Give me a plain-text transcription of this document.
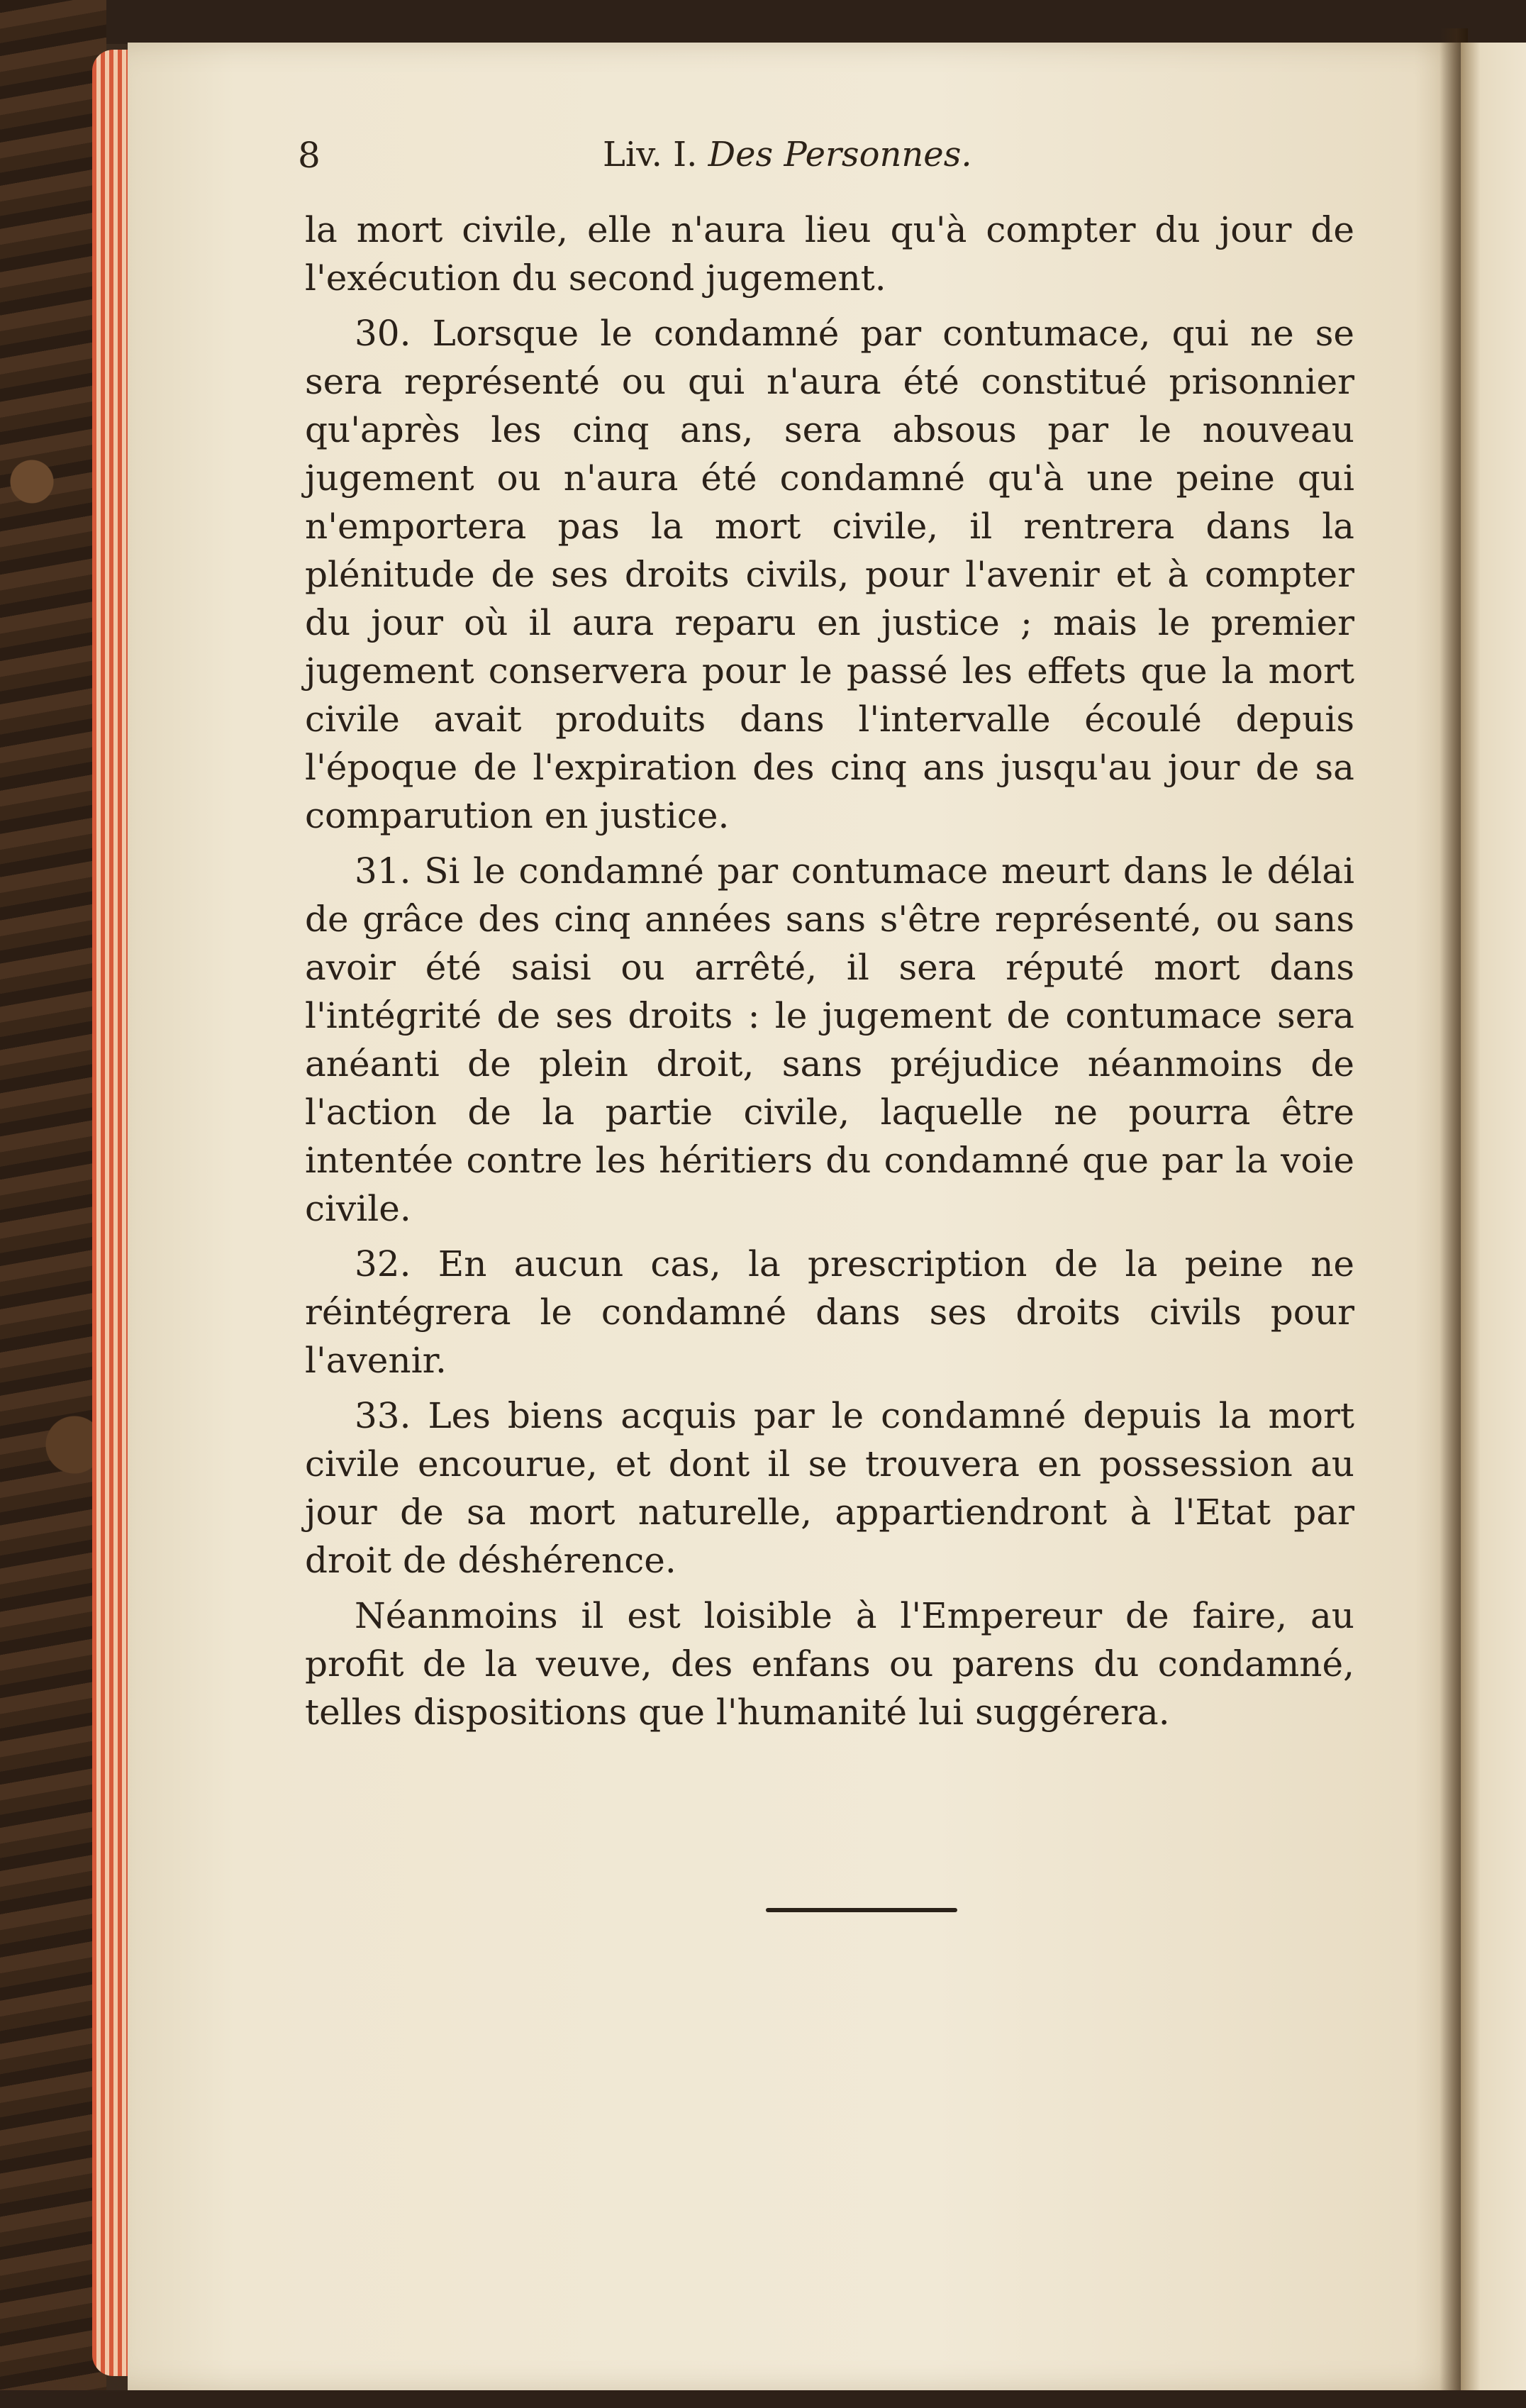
8	Liv. I. Des Personnes.

la mort civile, elle n'aura lieu qu'à compter du jour de l'exécution du second jugement.

30. Lorsque le condamné par contumace, qui ne se sera représenté ou qui n'aura été constitué prisonnier qu'après les cinq ans, sera absous par le nouveau jugement ou n'aura été condamné qu'à une peine qui n'emportera pas la mort civile, il rentrera dans la plénitude de ses droits civils, pour l'avenir et à compter du jour où il aura reparu en justice ; mais le premier jugement conservera pour le passé les effets que la mort civile avait produits dans l'intervalle écoulé depuis l'époque de l'expiration des cinq ans jusqu'au jour de sa comparution en justice.

31. Si le condamné par contumace meurt dans le délai de grâce des cinq années sans s'être représenté, ou sans avoir été saisi ou arrêté, il sera réputé mort dans l'intégrité de ses droits : le jugement de contumace sera anéanti de plein droit, sans préjudice néanmoins de l'action de la partie civile, laquelle ne pourra être intentée contre les héritiers du condamné que par la voie civile.

32. En aucun cas, la prescription de la peine ne réintégrera le condamné dans ses droits civils pour l'avenir.

33. Les biens acquis par le condamné depuis la mort civile encourue, et dont il se trouvera en possession au jour de sa mort naturelle, appartiendront à l'Etat par droit de déshérence.

Néanmoins il est loisible à l'Empereur de faire, au profit de la veuve, des enfans ou parens du condamné, telles dispositions que l'humanité lui suggérera.
